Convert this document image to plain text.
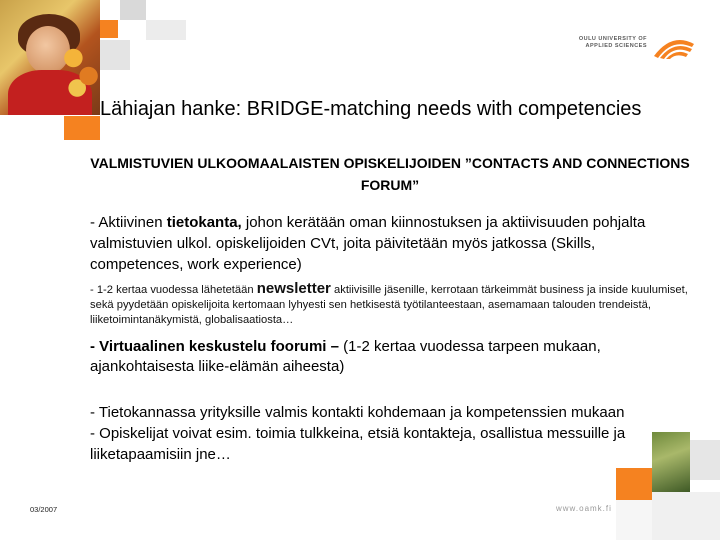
OULU UNIVERSITY OF
APPLIED SCIENCES
Lähiajan hanke: BRIDGE-matching needs with competencies
VALMISTUVIEN ULKOOMAALAISTEN OPISKELIJOIDEN ”CONTACTS AND CONNECTIONS FORUM”
- Aktiivinen tietokanta, johon kerätään oman kiinnostuksen ja aktiivisuuden pohjalta valmistuvien ulkol. opiskelijoiden CVt, joita päivitetään myös jatkossa (Skills, competences, work experience)
- 1-2 kertaa vuodessa lähetetään newsletter aktiivisille jäsenille, kerrotaan tärkeimmät business ja inside kuulumiset, sekä pyydetään opiskelijoita kertomaan lyhyesti sen hetkisestä työtilanteestaan, asemamaan talouden trendeistä, liiketoimintanäkymistä, globalisaatiosta…
- Virtuaalinen keskustelu foorumi – (1-2 kertaa vuodessa tarpeen mukaan, ajankohtaisesta liike-elämän aiheesta)
- Tietokannassa yrityksille valmis kontakti kohdemaan ja kompetenssien mukaan
- Opiskelijat voivat esim. toimia tulkkeina, etsiä kontakteja, osallistua messuille ja liiketapaamisiin jne…
03/2007	www.oamk.fi
